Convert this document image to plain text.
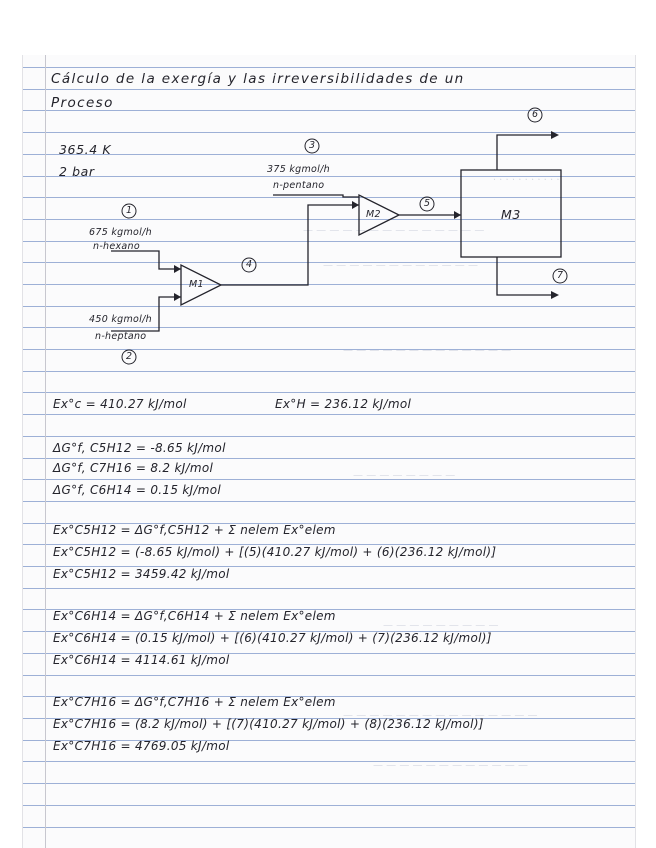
· · · · · · · · · · ·
— — — — — — — — — — — — — —
— — — — — — — — — — — —
— — — — — — — — — — — — —
— — — — — — — —
— — — — — — — — —
— — — — — — — — — — — — — — —
— — — — — — — — — — — —
Cálculo de la exergía y las irreversibilidades de un
Proceso
365.4 K
2 bar
1
2
3
4
5
6
7
675 kgmol/h
n-hexano
450 kgmol/h
n-heptano
375 kgmol/h
n-pentano
M1
M2	M3
Ex°c = 410.27 kJ/mol	Ex°H = 236.12 kJ/mol
ΔG°f, C5H12 = -8.65 kJ/mol
ΔG°f, C7H16 = 8.2 kJ/mol
ΔG°f, C6H14 = 0.15 kJ/mol
Ex°C5H12 = ΔG°f,C5H12 + Σ nelem Ex°elem
Ex°C5H12 = (-8.65 kJ/mol) + [(5)(410.27 kJ/mol) + (6)(236.12 kJ/mol)]
Ex°C5H12 = 3459.42 kJ/mol
Ex°C6H14 = ΔG°f,C6H14 + Σ nelem Ex°elem
Ex°C6H14 = (0.15 kJ/mol) + [(6)(410.27 kJ/mol) + (7)(236.12 kJ/mol)]
Ex°C6H14 = 4114.61 kJ/mol
Ex°C7H16 = ΔG°f,C7H16 + Σ nelem Ex°elem
Ex°C7H16 = (8.2 kJ/mol) + [(7)(410.27 kJ/mol) + (8)(236.12 kJ/mol)]
Ex°C7H16 = 4769.05 kJ/mol
